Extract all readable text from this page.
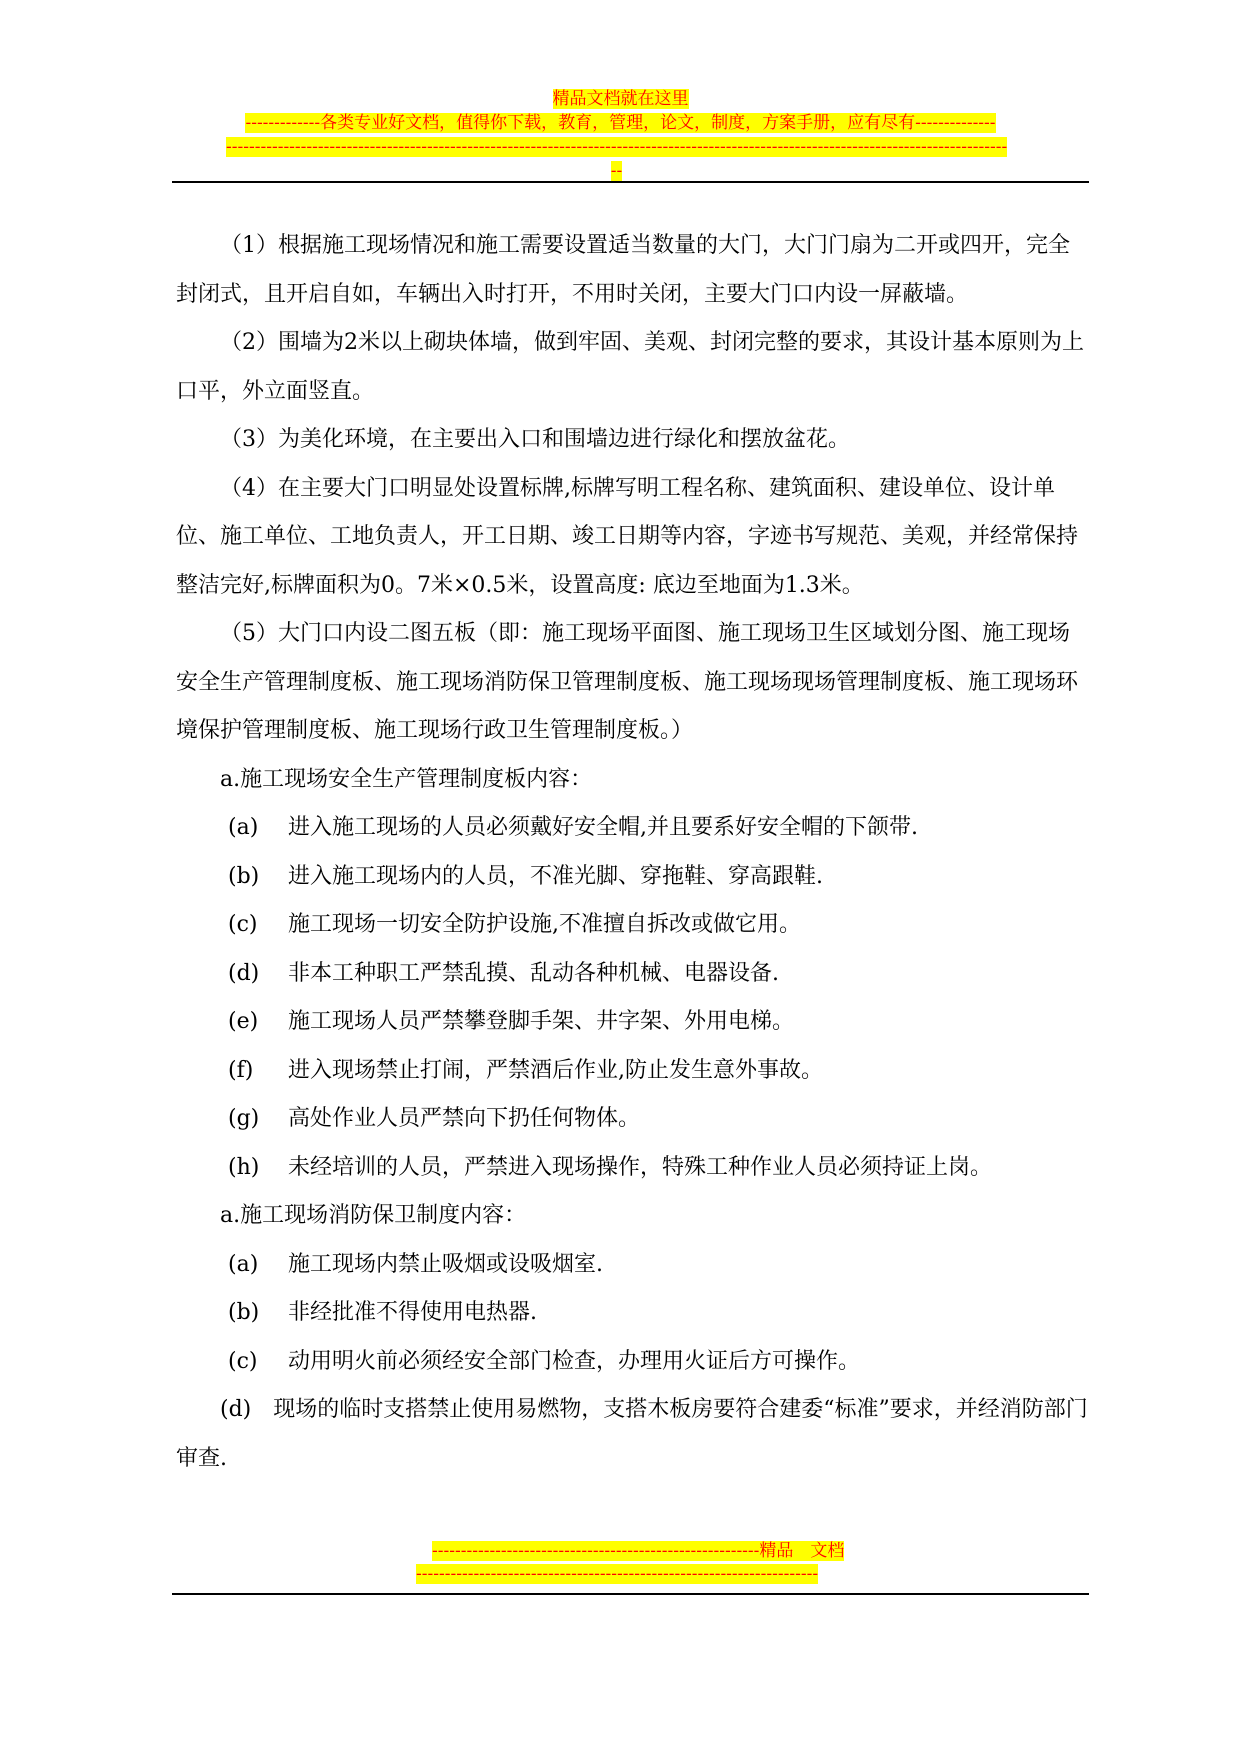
精品文档就在这里
-------------各类专业好文档，值得你下载，教育，管理，论文，制度，方案手册，应有尽有--------------
----------------------------------------------------------------------------------------------------------------------------------------
--

（1）根据施工现场情况和施工需要设置适当数量的大门，大门门扇为二开或四开，完全封闭式，且开启自如，车辆出入时打开，不用时关闭，主要大门口内设一屏蔽墙。

（2）围墙为2米以上砌块体墙，做到牢固、美观、封闭完整的要求，其设计基本原则为上口平，外立面竖直。

（3）为美化环境，在主要出入口和围墙边进行绿化和摆放盆花。

（4）在主要大门口明显处设置标牌,标牌写明工程名称、建筑面积、建设单位、设计单位、施工单位、工地负责人，开工日期、竣工日期等内容，字迹书写规范、美观，并经常保持整洁完好,标牌面积为0。7米×0.5米，设置高度: 底边至地面为1.3米。

（5）大门口内设二图五板（即：施工现场平面图、施工现场卫生区域划分图、施工现场安全生产管理制度板、施工现场消防保卫管理制度板、施工现场现场管理制度板、施工现场环境保护管理制度板、施工现场行政卫生管理制度板。）

a.施工现场安全生产管理制度板内容：

(a) 进入施工现场的人员必须戴好安全帽,并且要系好安全帽的下颌带.

(b) 进入施工现场内的人员，不准光脚、穿拖鞋、穿高跟鞋.

(c) 施工现场一切安全防护设施,不准擅自拆改或做它用。

(d) 非本工种职工严禁乱摸、乱动各种机械、电器设备.

(e) 施工现场人员严禁攀登脚手架、井字架、外用电梯。

(f) 进入现场禁止打闹，严禁酒后作业,防止发生意外事故。

(g) 高处作业人员严禁向下扔任何物体。

(h) 未经培训的人员，严禁进入现场操作，特殊工种作业人员必须持证上岗。

a.施工现场消防保卫制度内容：

(a) 施工现场内禁止吸烟或设吸烟室.

(b) 非经批准不得使用电热器.

(c) 动用明火前必须经安全部门检查，办理用火证后方可操作。

(d)  现场的临时支搭禁止使用易燃物，支搭木板房要符合建委“标准”要求，并经消防部门审查.

---------------------------------------------------------精品　文档
----------------------------------------------------------------------
